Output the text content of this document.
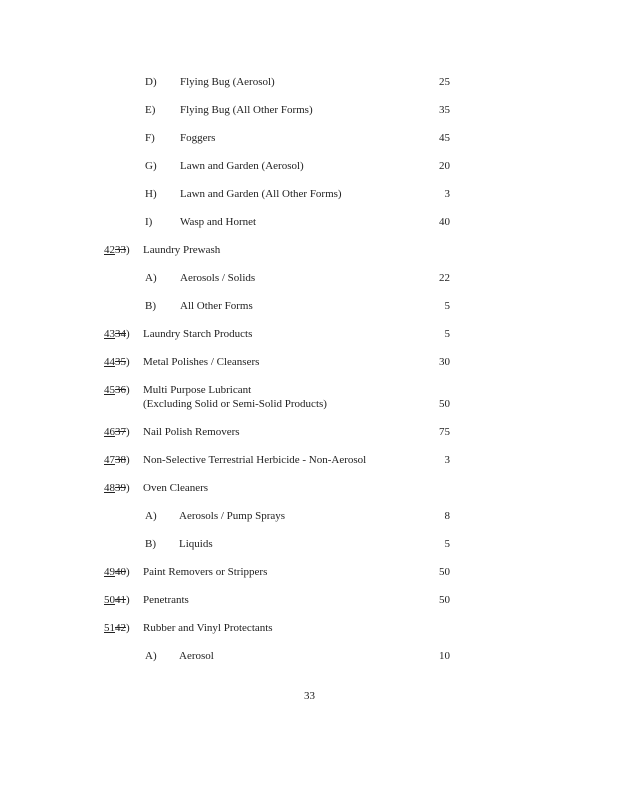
D) Flying Bug (Aerosol)	25
E) Flying Bug (All Other Forms)	35
F) Foggers	45
G) Lawn and Garden (Aerosol)	20
H) Lawn and Garden (All Other Forms)	3
I)	Wasp and Hornet	40
4233) Laundry Prewash
A) Aerosols / Solids	22
B) All Other Forms	5
4334) Laundry Starch Products	5
4435) Metal Polishes / Cleansers	30
4536) Multi Purpose Lubricant
(Excluding Solid or Semi-Solid Products)	50
4637) Nail Polish Removers	75
4738) Non-Selective Terrestrial Herbicide - Non-Aerosol	3
4839) Oven Cleaners
A) Aerosols / Pump Sprays	8
B) Liquids	5
4940) Paint Removers or Strippers	50
5041) Penetrants	50
5142) Rubber and Vinyl Protectants
A) Aerosol	10
33
